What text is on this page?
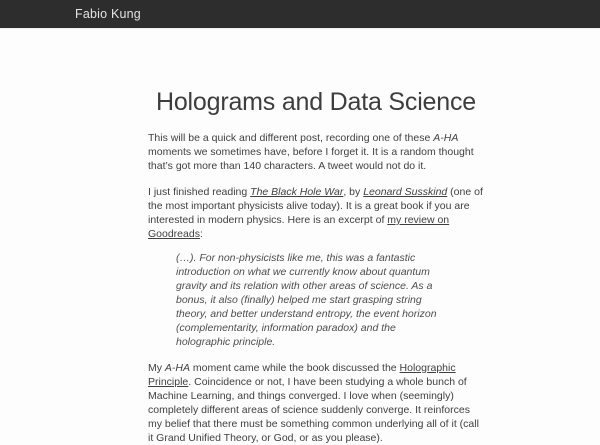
Fabio Kung
Holograms and Data Science

This will be a quick and different post, recording one of these A-HA moments we sometimes have, before I forget it. It is a random thought that’s got more than 140 characters. A tweet would not do it.

I just finished reading The Black Hole War, by Leonard Susskind (one of the most important physicists alive today). It is a great book if you are interested in modern physics. Here is an excerpt of my review on Goodreads:

(…). For non-physicists like me, this was a fantastic introduction on what we currently know about quantum gravity and its relation with other areas of science. As a bonus, it also (finally) helped me start grasping string theory, and better understand entropy, the event horizon (complementarity, information paradox) and the holographic principle.

My A-HA moment came while the book discussed the Holographic Principle. Coincidence or not, I have been studying a whole bunch of Machine Learning, and things converged. I love when (seemingly) completely different areas of science suddenly converge. It reinforces my belief that there must be something common underlying all of it (call it Grand Unified Theory, or God, or as you please).
